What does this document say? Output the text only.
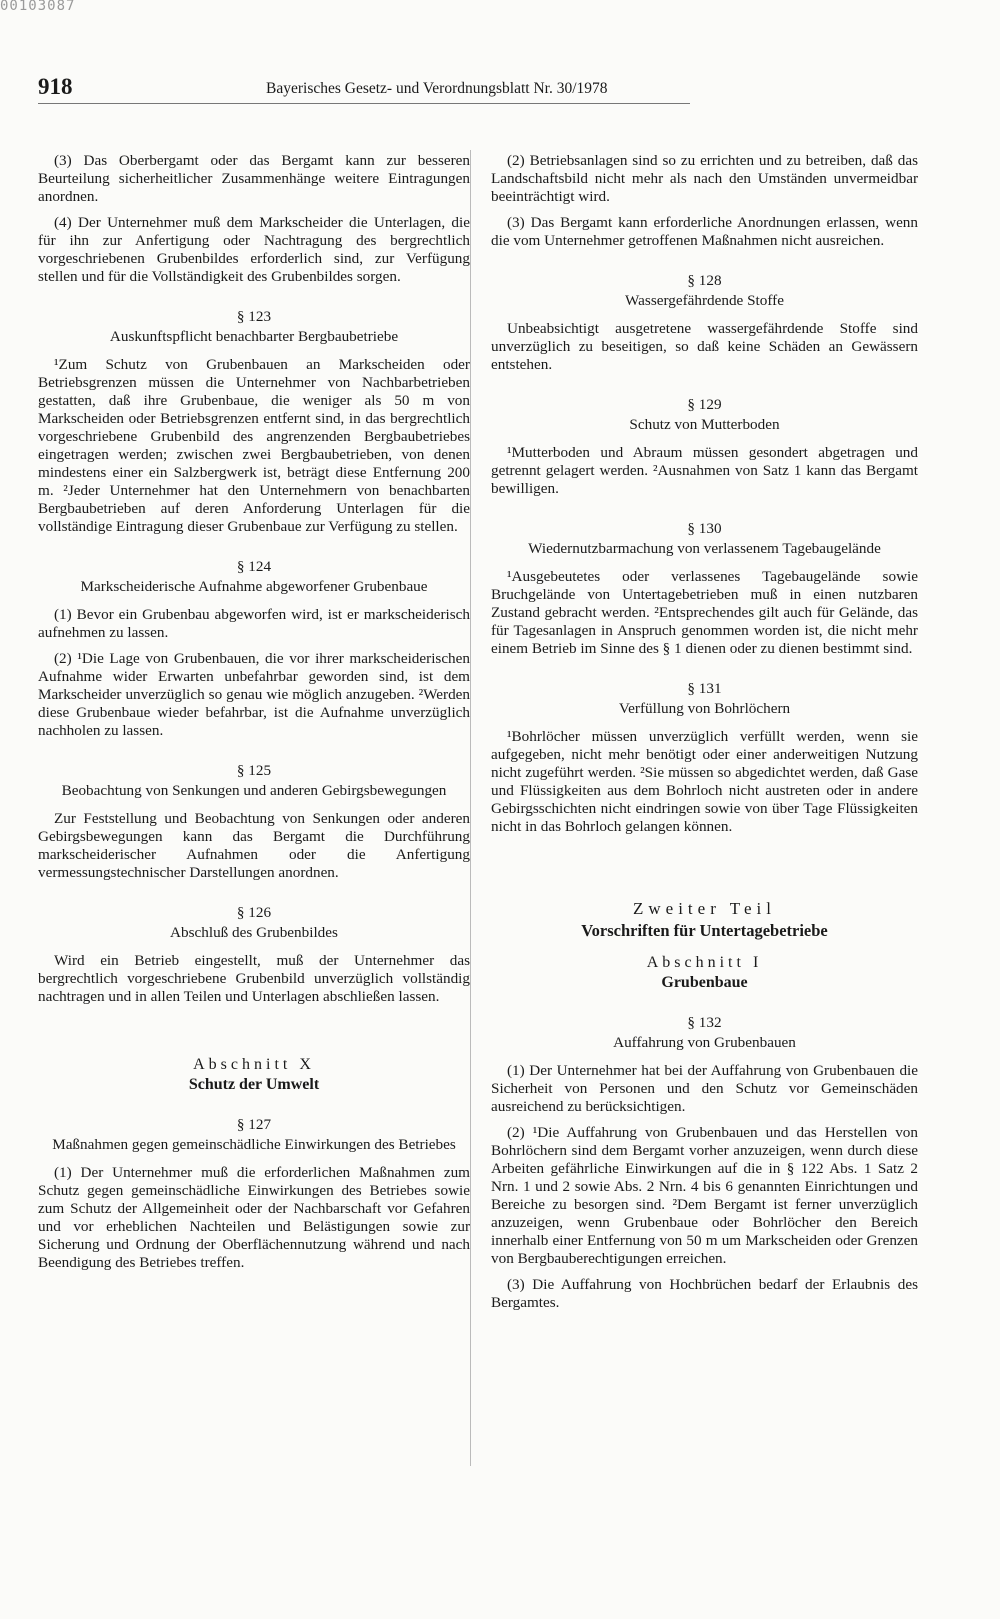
00103087
918	Bayerisches Gesetz- und Verordnungsblatt Nr. 30/1978

(3) Das Oberbergamt oder das Bergamt kann zur besseren Beurteilung sicherheitlicher Zusammenhänge weitere Eintragungen anordnen.

(4) Der Unternehmer muß dem Markscheider die Unterlagen, die für ihn zur Anfertigung oder Nachtragung des bergrechtlich vorgeschriebenen Grubenbildes erforderlich sind, zur Verfügung stellen und für die Vollständigkeit des Grubenbildes sorgen.

§ 123
Auskunftspflicht benachbarter Bergbaubetriebe

¹Zum Schutz von Grubenbauen an Markscheiden oder Betriebsgrenzen müssen die Unternehmer von Nachbarbetrieben gestatten, daß ihre Grubenbaue, die weniger als 50 m von Markscheiden oder Betriebsgrenzen entfernt sind, in das bergrechtlich vorgeschriebene Grubenbild des angrenzenden Bergbaubetriebes eingetragen werden; zwischen zwei Bergbaubetrieben, von denen mindestens einer ein Salzbergwerk ist, beträgt diese Entfernung 200 m. ²Jeder Unternehmer hat den Unternehmern von benachbarten Bergbaubetrieben auf deren Anforderung Unterlagen für die vollständige Eintragung dieser Grubenbaue zur Verfügung zu stellen.

§ 124
Markscheiderische Aufnahme abgeworfener Grubenbaue

(1) Bevor ein Grubenbau abgeworfen wird, ist er markscheiderisch aufnehmen zu lassen.

(2) ¹Die Lage von Grubenbauen, die vor ihrer markscheiderischen Aufnahme wider Erwarten unbefahrbar geworden sind, ist dem Markscheider unverzüglich so genau wie möglich anzugeben. ²Werden diese Grubenbaue wieder befahrbar, ist die Aufnahme unverzüglich nachholen zu lassen.

§ 125
Beobachtung von Senkungen und anderen Gebirgsbewegungen

Zur Feststellung und Beobachtung von Senkungen oder anderen Gebirgsbewegungen kann das Bergamt die Durchführung markscheiderischer Aufnahmen oder die Anfertigung vermessungstechnischer Darstellungen anordnen.

§ 126
Abschluß des Grubenbildes

Wird ein Betrieb eingestellt, muß der Unternehmer das bergrechtlich vorgeschriebene Grubenbild unverzüglich vollständig nachtragen und in allen Teilen und Unterlagen abschließen lassen.

Abschnitt X
Schutz der Umwelt
§ 127
Maßnahmen gegen gemeinschädliche Einwirkungen des Betriebes

(1) Der Unternehmer muß die erforderlichen Maßnahmen zum Schutz gegen gemeinschädliche Einwirkungen des Betriebes sowie zum Schutz der Allgemeinheit oder der Nachbarschaft vor Gefahren und vor erheblichen Nachteilen und Belästigungen sowie zur Sicherung und Ordnung der Oberflächennutzung während und nach Beendigung des Betriebes treffen.

(2) Betriebsanlagen sind so zu errichten und zu betreiben, daß das Landschaftsbild nicht mehr als nach den Umständen unvermeidbar beeinträchtigt wird.

(3) Das Bergamt kann erforderliche Anordnungen erlassen, wenn die vom Unternehmer getroffenen Maßnahmen nicht ausreichen.

§ 128
Wassergefährdende Stoffe

Unbeabsichtigt ausgetretene wassergefährdende Stoffe sind unverzüglich zu beseitigen, so daß keine Schäden an Gewässern entstehen.

§ 129
Schutz von Mutterboden

¹Mutterboden und Abraum müssen gesondert abgetragen und getrennt gelagert werden. ²Ausnahmen von Satz 1 kann das Bergamt bewilligen.

§ 130
Wiedernutzbarmachung von verlassenem Tagebaugelände

¹Ausgebeutetes oder verlassenes Tagebaugelände sowie Bruchgelände von Untertagebetrieben muß in einen nutzbaren Zustand gebracht werden. ²Entsprechendes gilt auch für Gelände, das für Tagesanlagen in Anspruch genommen worden ist, die nicht mehr einem Betrieb im Sinne des § 1 dienen oder zu dienen bestimmt sind.

§ 131
Verfüllung von Bohrlöchern

¹Bohrlöcher müssen unverzüglich verfüllt werden, wenn sie aufgegeben, nicht mehr benötigt oder einer anderweitigen Nutzung nicht zugeführt werden. ²Sie müssen so abgedichtet werden, daß Gase und Flüssigkeiten aus dem Bohrloch nicht austreten oder in andere Gebirgsschichten nicht eindringen sowie von über Tage Flüssigkeiten nicht in das Bohrloch gelangen können.

Zweiter Teil
Vorschriften für Untertagebetriebe
Abschnitt I
Grubenbaue
§ 132
Auffahrung von Grubenbauen

(1) Der Unternehmer hat bei der Auffahrung von Grubenbauen die Sicherheit von Personen und den Schutz vor Gemeinschäden ausreichend zu berücksichtigen.

(2) ¹Die Auffahrung von Grubenbauen und das Herstellen von Bohrlöchern sind dem Bergamt vorher anzuzeigen, wenn durch diese Arbeiten gefährliche Einwirkungen auf die in § 122 Abs. 1 Satz 2 Nrn. 1 und 2 sowie Abs. 2 Nrn. 4 bis 6 genannten Einrichtungen und Bereiche zu besorgen sind. ²Dem Bergamt ist ferner unverzüglich anzuzeigen, wenn Grubenbaue oder Bohrlöcher den Bereich innerhalb einer Entfernung von 50 m um Markscheiden oder Grenzen von Bergbauberechtigungen erreichen.

(3) Die Auffahrung von Hochbrüchen bedarf der Erlaubnis des Bergamtes.
